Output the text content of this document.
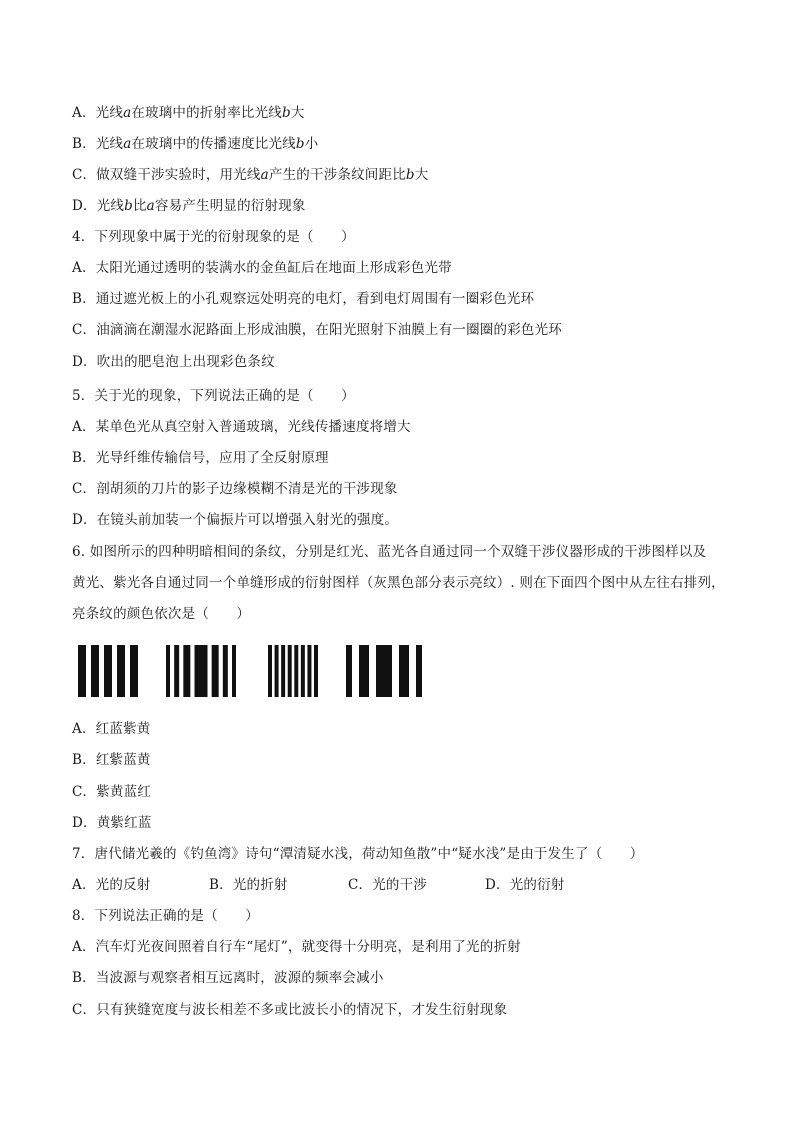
A．光线a在玻璃中的折射率比光线b大
B．光线a在玻璃中的传播速度比光线b小
C．做双缝干涉实验时，用光线a产生的干涉条纹间距比b大
D．光线b比a容易产生明显的衍射现象
4．下列现象中属于光的衍射现象的是（　　）
A．太阳光通过透明的装满水的金鱼缸后在地面上形成彩色光带
B．通过遮光板上的小孔观察远处明亮的电灯，看到电灯周围有一圈彩色光环
C．油滴滴在潮湿水泥路面上形成油膜，在阳光照射下油膜上有一圈圈的彩色光环
D．吹出的肥皂泡上出现彩色条纹
5．关于光的现象，下列说法正确的是（　　）
A．某单色光从真空射入普通玻璃，光线传播速度将增大
B．光导纤维传输信号，应用了全反射原理
C．剖胡须的刀片的影子边缘模糊不清是光的干涉现象
D．在镜头前加装一个偏振片可以增强入射光的强度。
6. 如图所示的四种明暗相间的条纹，分别是红光、蓝光各自通过同一个双缝干涉仪器形成的干涉图样以及
黄光、紫光各自通过同一个单缝形成的衍射图样（灰黑色部分表示亮纹）. 则在下面四个图中从左往右排列，
亮条纹的颜色依次是（　　）
A．红蓝紫黄
B．红紫蓝黄
C．紫黄蓝红
D．黄紫红蓝
7．唐代储光羲的《钓鱼湾》诗句“潭清疑水浅，荷动知鱼散”中“疑水浅”是由于发生了（　　）
A．光的反射	B．光的折射	C．光的干涉	D．光的衍射
8．下列说法正确的是（　　）
A．汽车灯光夜间照着自行车“尾灯”，就变得十分明亮，是利用了光的折射
B．当波源与观察者相互远离时，波源的频率会减小
C．只有狭缝宽度与波长相差不多或比波长小的情况下，才发生衍射现象
